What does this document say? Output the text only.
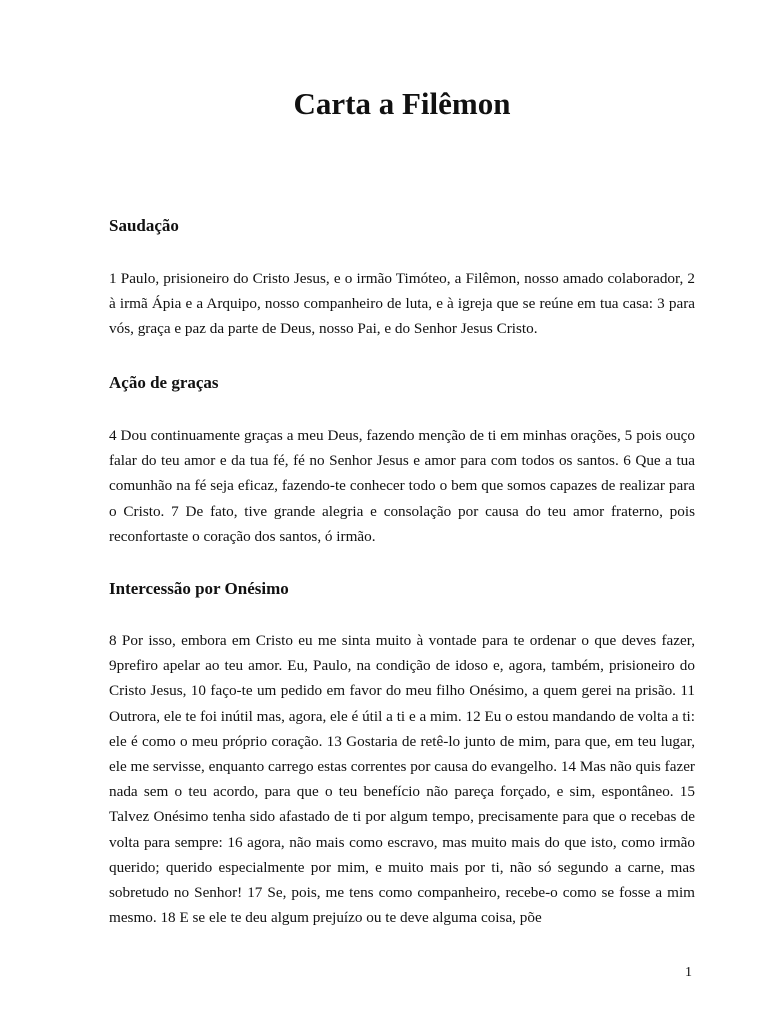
Carta a Filêmon
Saudação

1 Paulo, prisioneiro do Cristo Jesus, e o irmão Timóteo, a Filêmon, nosso amado colaborador, 2 à irmã Ápia e a Arquipo, nosso companheiro de luta, e à igreja que se reúne em tua casa: 3 para vós, graça e paz da parte de Deus, nosso Pai, e do Senhor Jesus Cristo.

Ação de graças

4 Dou continuamente graças a meu Deus, fazendo menção de ti em minhas orações, 5 pois ouço falar do teu amor e da tua fé, fé no Senhor Jesus e amor para com todos os santos. 6 Que a tua comunhão na fé seja eficaz, fazendo-te conhecer todo o bem que somos capazes de realizar para o Cristo. 7 De fato, tive grande alegria e consolação por causa do teu amor fraterno, pois reconfortaste o coração dos santos, ó irmão.

Intercessão por Onésimo

8 Por isso, embora em Cristo eu me sinta muito à vontade para te ordenar o que deves fazer, 9prefiro apelar ao teu amor. Eu, Paulo, na condição de idoso e, agora, também, prisioneiro do Cristo Jesus, 10 faço-te um pedido em favor do meu filho Onésimo, a quem gerei na prisão. 11 Outrora, ele te foi inútil mas, agora, ele é útil a ti e a mim. 12 Eu o estou mandando de volta a ti: ele é como o meu próprio coração. 13 Gostaria de retê-lo junto de mim, para que, em teu lugar, ele me servisse, enquanto carrego estas correntes por causa do evangelho. 14 Mas não quis fazer nada sem o teu acordo, para que o teu benefício não pareça forçado, e sim, espontâneo. 15 Talvez Onésimo tenha sido afastado de ti por algum tempo, precisamente para que o recebas de volta para sempre: 16 agora, não mais como escravo, mas muito mais do que isto, como irmão querido; querido especialmente por mim, e muito mais por ti, não só segundo a carne, mas sobretudo no Senhor! 17 Se, pois, me tens como companheiro, recebe-o como se fosse a mim mesmo. 18 E se ele te deu algum prejuízo ou te deve alguma coisa, põe

1
